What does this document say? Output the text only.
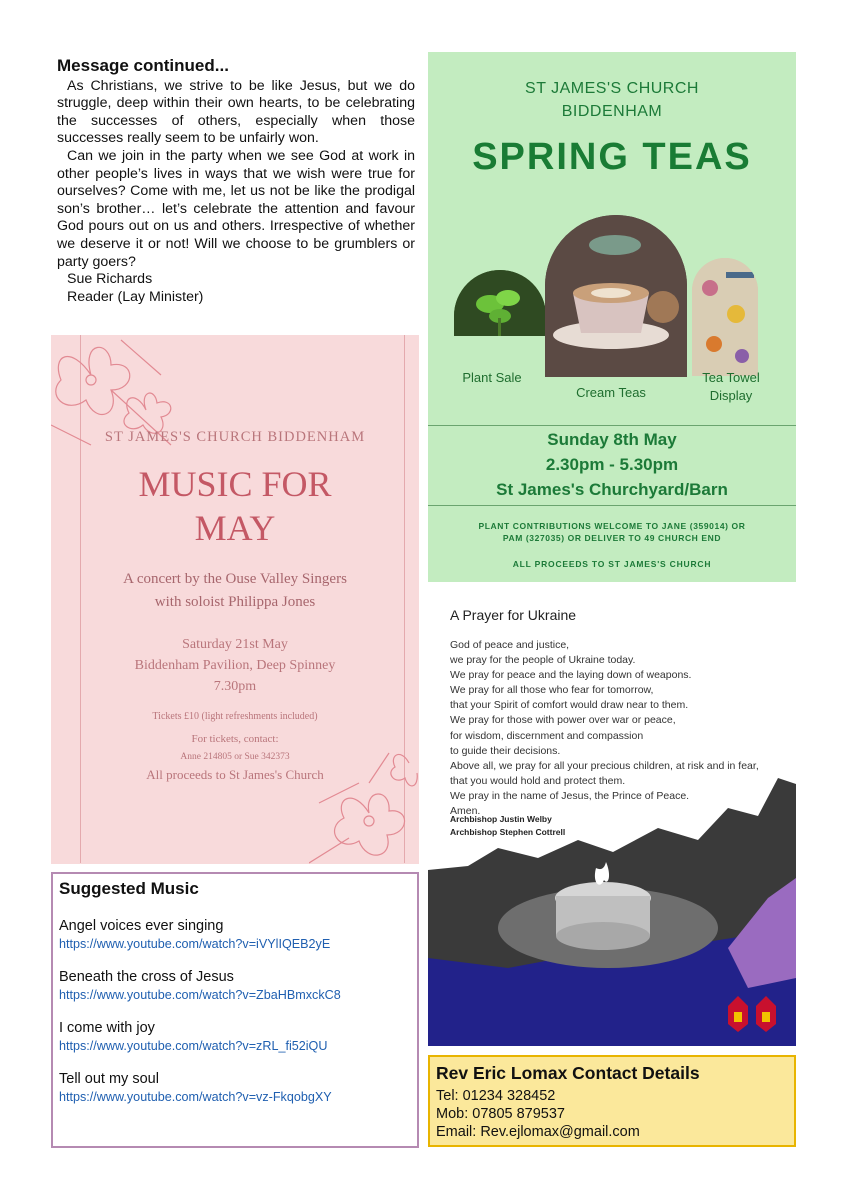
Message continued...

As Christians, we strive to be like Jesus, but we do struggle, deep within their own hearts, to be celebrating the successes of others, especially when those successes really seem to be unfairly won.

Can we join in the party when we see God at work in other people’s lives in ways that we wish were true for ourselves? Come with me, let us not be like the prodigal son’s brother… let’s celebrate the attention and favour God pours out on us and others. Irrespective of whether we deserve it or not! Will we choose to be grumblers or party goers?

Sue Richards

Reader (Lay Minister)

ST JAMES'S CHURCH BIDDENHAM
MUSIC FOR
MAY
A concert by the Ouse Valley Singers
with soloist Philippa Jones
Saturday 21st May
Biddenham Pavilion, Deep Spinney
7.30pm
Tickets £10 (light refreshments included)
For tickets, contact:
Anne 214805 or Sue 342373
All proceeds to St James's Church
ST JAMES'S CHURCH
BIDDENHAM
SPRING TEAS
Plant Sale
Cream Teas
Tea Towel
Display
Sunday 8th May
2.30pm - 5.30pm
St James's Churchyard/Barn
PLANT CONTRIBUTIONS WELCOME TO JANE (359014) OR
PAM (327035) OR DELIVER TO 49 CHURCH END
ALL PROCEEDS TO ST JAMES'S CHURCH
A Prayer for Ukraine
God of peace and justice,
we pray for the people of Ukraine today.
We pray for peace and the laying down of weapons.
We pray for all those who fear for tomorrow,
that your Spirit of comfort would draw near to them.
We pray for those with power over war or peace,
for wisdom, discernment and compassion
to guide their decisions.
Above all, we pray for all your precious children, at risk and in fear,
that you would hold and protect them.
We pray in the name of Jesus, the Prince of Peace.
Amen.
Archbishop Justin Welby
Archbishop Stephen Cottrell
Suggested Music
Angel voices ever singing
https://www.youtube.com/watch?v=iVYlIQEB2yE
Beneath the cross of Jesus
https://www.youtube.com/watch?v=ZbaHBmxckC8
I come with joy
https://www.youtube.com/watch?v=zRL_fi52iQU
Tell out my soul
https://www.youtube.com/watch?v=vz-FkqobgXY
Rev Eric Lomax Contact Details
Tel: 01234 328452
Mob: 07805 879537
Email: Rev.ejlomax@gmail.com
